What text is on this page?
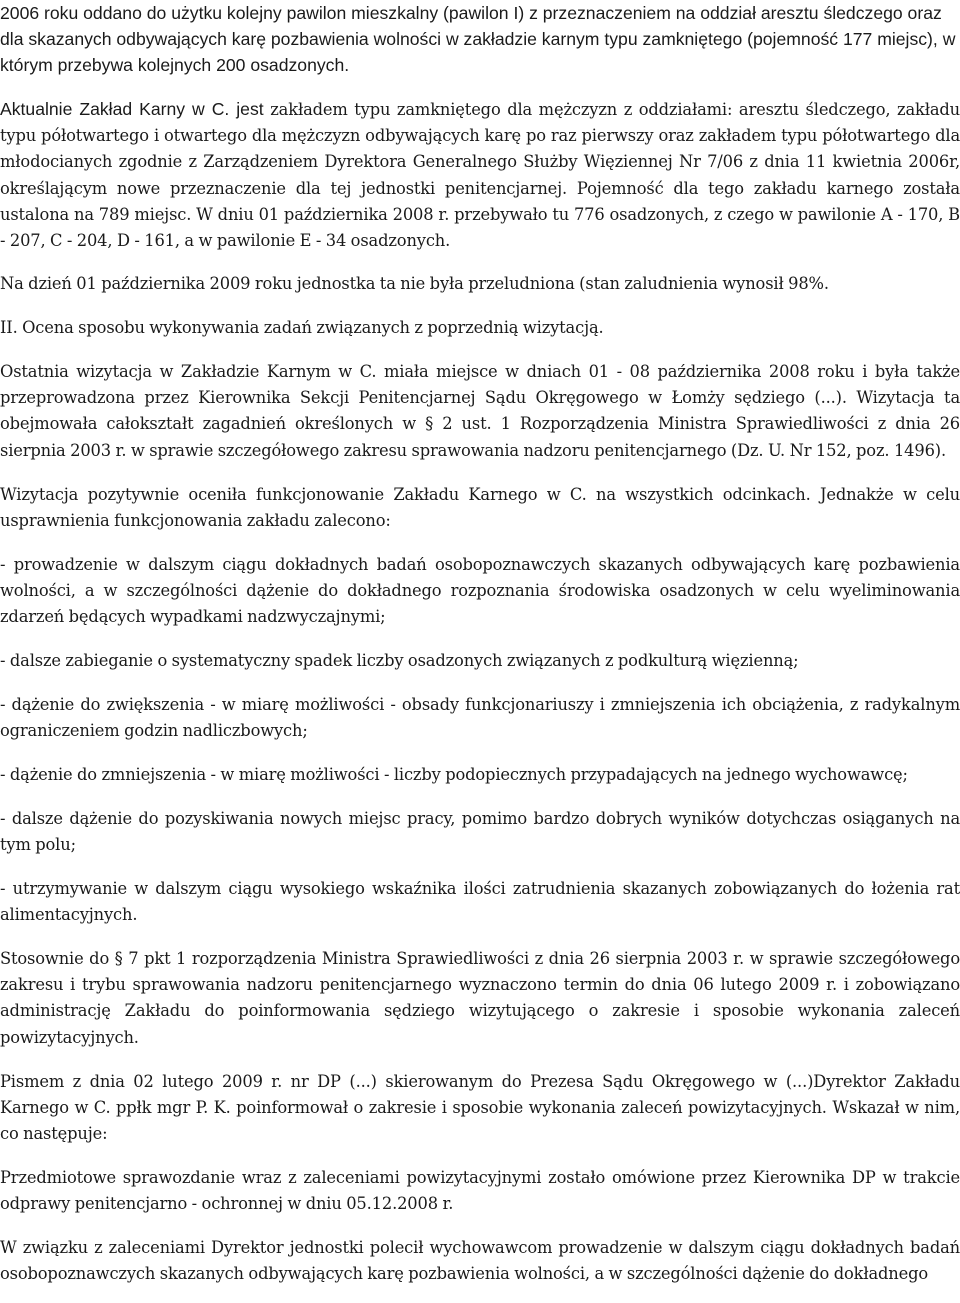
2006 roku oddano do użytku kolejny pawilon mieszkalny (pawilon I) z przeznaczeniem na oddział aresztu śledczego oraz dla skazanych odbywających karę pozbawienia wolności w zakładzie karnym typu zamkniętego (pojemność 177 miejsc), w którym przebywa kolejnych 200 osadzonych.

Aktualnie Zakład Karny w C. jest zakładem typu zamkniętego dla mężczyzn z oddziałami: aresztu śledczego, zakładu typu półotwartego i otwartego dla mężczyzn odbywających karę po raz pierwszy oraz zakładem typu półotwartego dla młodocianych zgodnie z Zarządzeniem Dyrektora Generalnego Służby Więziennej Nr 7/06 z dnia 11 kwietnia 2006r, określającym nowe przeznaczenie dla tej jednostki penitencjarnej. Pojemność dla tego zakładu karnego została ustalona na 789 miejsc. W dniu 01 października 2008 r. przebywało tu 776 osadzonych, z czego w pawilonie A - 170, B - 207, C - 204, D - 161, a w pawilonie E - 34 osadzonych.

Na dzień 01 października 2009 roku jednostka ta nie była przeludniona (stan zaludnienia wynosił 98%.

II. Ocena sposobu wykonywania zadań związanych z poprzednią wizytacją.

Ostatnia wizytacja w Zakładzie Karnym w C. miała miejsce w dniach 01 - 08 października 2008 roku i była także przeprowadzona przez Kierownika Sekcji Penitencjarnej Sądu Okręgowego w Łomży sędziego (...). Wizytacja ta obejmowała całokształt zagadnień określonych w § 2 ust. 1 Rozporządzenia Ministra Sprawiedliwości z dnia 26 sierpnia 2003 r. w sprawie szczegółowego zakresu sprawowania nadzoru penitencjarnego (Dz. U. Nr 152, poz. 1496).

Wizytacja pozytywnie oceniła funkcjonowanie Zakładu Karnego w C. na wszystkich odcinkach. Jednakże w celu usprawnienia funkcjonowania zakładu zalecono:

- prowadzenie w dalszym ciągu dokładnych badań osobopoznawczych skazanych odbywających karę pozbawienia wolności, a w szczególności dążenie do dokładnego rozpoznania środowiska osadzonych w celu wyeliminowania zdarzeń będących wypadkami nadzwyczajnymi;

- dalsze zabieganie o systematyczny spadek liczby osadzonych związanych z podkulturą więzienną;

- dążenie do zwiększenia - w miarę możliwości - obsady funkcjonariuszy i zmniejszenia ich obciążenia, z radykalnym ograniczeniem godzin nadliczbowych;

- dążenie do zmniejszenia - w miarę możliwości - liczby podopiecznych przypadających na jednego wychowawcę;

- dalsze dążenie do pozyskiwania nowych miejsc pracy, pomimo bardzo dobrych wyników dotychczas osiąganych na tym polu;

- utrzymywanie w dalszym ciągu wysokiego wskaźnika ilości zatrudnienia skazanych zobowiązanych do łożenia rat alimentacyjnych.

Stosownie do § 7 pkt 1 rozporządzenia Ministra Sprawiedliwości z dnia 26 sierpnia 2003 r. w sprawie szczegółowego zakresu i trybu sprawowania nadzoru penitencjarnego wyznaczono termin do dnia 06 lutego 2009 r. i zobowiązano administrację Zakładu do poinformowania sędziego wizytującego o zakresie i sposobie wykonania zaleceń powizytacyjnych.

Pismem z dnia 02 lutego 2009 r. nr DP (...) skierowanym do Prezesa Sądu Okręgowego w (...)Dyrektor Zakładu Karnego w C. ppłk mgr P. K. poinformował o zakresie i sposobie wykonania zaleceń powizytacyjnych. Wskazał w nim, co następuje:

Przedmiotowe sprawozdanie wraz z zaleceniami powizytacyjnymi zostało omówione przez Kierownika DP w trakcie odprawy penitencjarno - ochronnej w dniu 05.12.2008 r.

W związku z zaleceniami Dyrektor jednostki polecił wychowawcom prowadzenie w dalszym ciągu dokładnych badań osobopoznawczych skazanych odbywających karę pozbawienia wolności, a w szczególności dążenie do dokładnego
